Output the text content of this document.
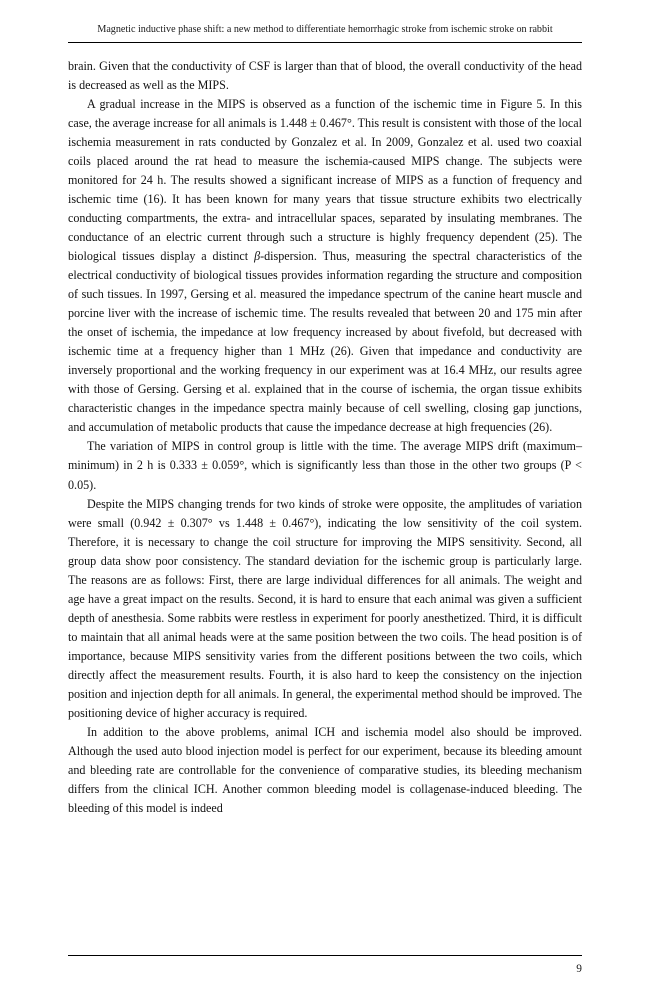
Magnetic inductive phase shift: a new method to differentiate hemorrhagic stroke from ischemic stroke on rabbit

brain. Given that the conductivity of CSF is larger than that of blood, the overall conductivity of the head is decreased as well as the MIPS.

A gradual increase in the MIPS is observed as a function of the ischemic time in Figure 5. In this case, the average increase for all animals is 1.448 ± 0.467°. This result is consistent with those of the local ischemia measurement in rats conducted by Gonzalez et al. In 2009, Gonzalez et al. used two coaxial coils placed around the rat head to measure the ischemia-caused MIPS change. The subjects were monitored for 24 h. The results showed a significant increase of MIPS as a function of frequency and ischemic time (16). It has been known for many years that tissue structure exhibits two electrically conducting compartments, the extra- and intracellular spaces, separated by insulating membranes. The conductance of an electric current through such a structure is highly frequency dependent (25). The biological tissues display a distinct β-dispersion. Thus, measuring the spectral characteristics of the electrical conductivity of biological tissues provides information regarding the structure and composition of such tissues. In 1997, Gersing et al. measured the impedance spectrum of the canine heart muscle and porcine liver with the increase of ischemic time. The results revealed that between 20 and 175 min after the onset of ischemia, the impedance at low frequency increased by about fivefold, but decreased with ischemic time at a frequency higher than 1 MHz (26). Given that impedance and conductivity are inversely proportional and the working frequency in our experiment was at 16.4 MHz, our results agree with those of Gersing. Gersing et al. explained that in the course of ischemia, the organ tissue exhibits characteristic changes in the impedance spectra mainly because of cell swelling, closing gap junctions, and accumulation of metabolic products that cause the impedance decrease at high frequencies (26).

The variation of MIPS in control group is little with the time. The average MIPS drift (maximum–minimum) in 2 h is 0.333 ± 0.059°, which is significantly less than those in the other two groups (P < 0.05).

Despite the MIPS changing trends for two kinds of stroke were opposite, the amplitudes of variation were small (0.942 ± 0.307° vs 1.448 ± 0.467°), indicating the low sensitivity of the coil system. Therefore, it is necessary to change the coil structure for improving the MIPS sensitivity. Second, all group data show poor consistency. The standard deviation for the ischemic group is particularly large. The reasons are as follows: First, there are large individual differences for all animals. The weight and age have a great impact on the results. Second, it is hard to ensure that each animal was given a sufficient depth of anesthesia. Some rabbits were restless in experiment for poorly anesthetized. Third, it is difficult to maintain that all animal heads were at the same position between the two coils. The head position is of importance, because MIPS sensitivity varies from the different positions between the two coils, which directly affect the measurement results. Fourth, it is also hard to keep the consistency on the injection position and injection depth for all animals. In general, the experimental method should be improved. The positioning device of higher accuracy is required.

In addition to the above problems, animal ICH and ischemia model also should be improved. Although the used auto blood injection model is perfect for our experiment, because its bleeding amount and bleeding rate are controllable for the convenience of comparative studies, its bleeding mechanism differs from the clinical ICH. Another common bleeding model is collagenase-induced bleeding. The bleeding of this model is indeed

9
